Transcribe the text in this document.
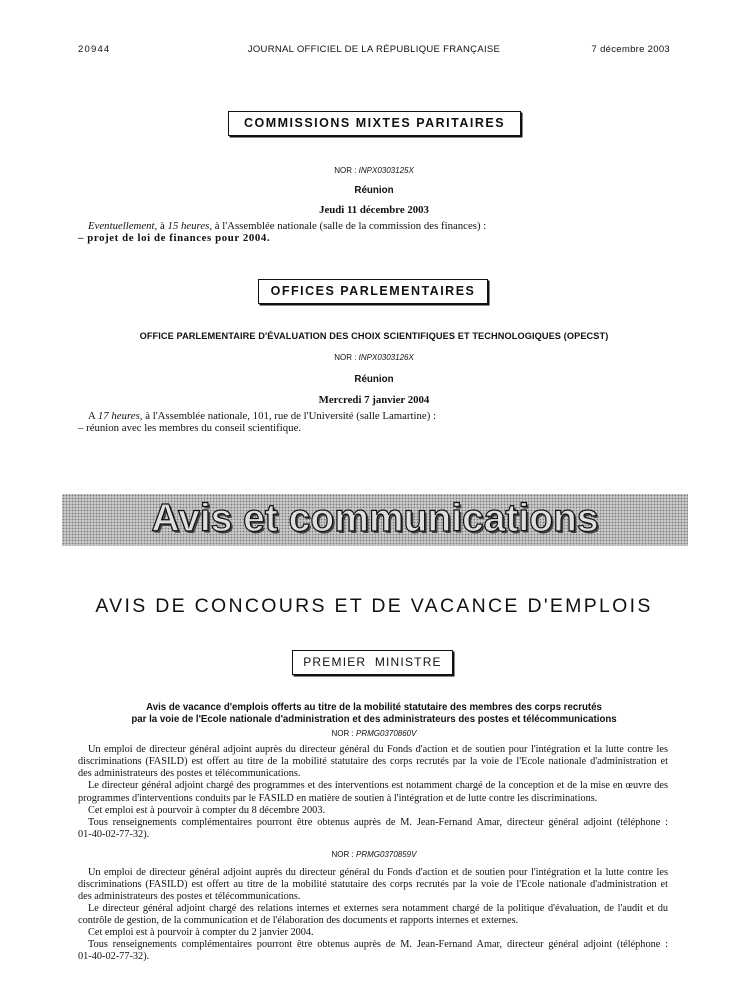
20944	JOURNAL OFFICIEL DE LA RÉPUBLIQUE FRANÇAISE	7 décembre 2003
COMMISSIONS MIXTES PARITAIRES
NOR : INPX0303125X
Réunion
Jeudi 11 décembre 2003
Eventuellement, à 15 heures, à l'Assemblée nationale (salle de la commission des finances) :
– projet de loi de finances pour 2004.
OFFICES PARLEMENTAIRES
OFFICE PARLEMENTAIRE D'ÉVALUATION DES CHOIX SCIENTIFIQUES ET TECHNOLOGIQUES (OPECST)
NOR : INPX0303126X
Réunion
Mercredi 7 janvier 2004
A 17 heures, à l'Assemblée nationale, 101, rue de l'Université (salle Lamartine) :
– réunion avec les membres du conseil scientifique.
Avis et communications
AVIS DE CONCOURS ET DE VACANCE D'EMPLOIS
PREMIER MINISTRE
Avis de vacance d'emplois offerts au titre de la mobilité statutaire des membres des corps recrutés
par la voie de l'Ecole nationale d'administration et des administrateurs des postes et télécommunications
NOR : PRMG0370860V
Un emploi de directeur général adjoint auprès du directeur général du Fonds d'action et de soutien pour l'intégration et la lutte contre les
discriminations (FASILD) est offert au titre de la mobilité statutaire des corps recrutés par la voie de l'Ecole nationale d'administration et
des administrateurs des postes et télécommunications.
Le directeur général adjoint chargé des programmes et des interventions est notamment chargé de la conception et de la mise en œuvre des
programmes d'interventions conduits par le FASILD en matière de soutien à l'intégration et de lutte contre les discriminations.
Cet emploi est à pourvoir à compter du 8 décembre 2003.
Tous renseignements complémentaires pourront être obtenus auprès de M. Jean-Fernand Amar, directeur général adjoint (téléphone :
01-40-02-77-32).
NOR : PRMG0370859V
Un emploi de directeur général adjoint auprès du directeur général du Fonds d'action et de soutien pour l'intégration et la lutte contre les
discriminations (FASILD) est offert au titre de la mobilité statutaire des corps recrutés par la voie de l'Ecole nationale d'administration et
des administrateurs des postes et télécommunications.
Le directeur général adjoint chargé des relations internes et externes sera notamment chargé de la politique d'évaluation, de l'audit et du
contrôle de gestion, de la communication et de l'élaboration des documents et rapports internes et externes.
Cet emploi est à pourvoir à compter du 2 janvier 2004.
Tous renseignements complémentaires pourront être obtenus auprès de M. Jean-Fernand Amar, directeur général adjoint (téléphone :
01-40-02-77-32).
